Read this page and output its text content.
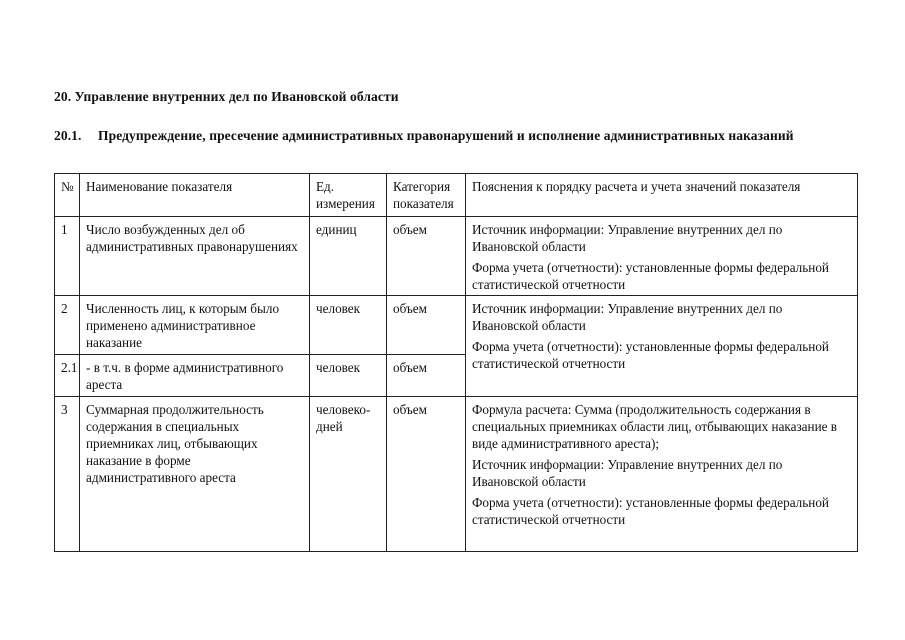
20. Управление внутренних дел по Ивановской области
20.1. Предупреждение, пресечение административных правонарушений и исполнение административных наказаний
№	Наименование показателя	Ед. измерения	Категория показателя	Пояснения к порядку расчета и учета значений показателя
1	Число возбужденных дел об административных правонарушениях	единиц	объем	Источник информации: Управление внутренних дел по Ивановской области

Форма учета (отчетности): установленные формы федеральной статистической отчетности

2	Численность лиц, к которым было применено административное наказание	человек	объем	Источник информации: Управление внутренних дел по Ивановской области

Форма учета (отчетности): установленные формы федеральной статистической отчетности

2.1	- в т.ч. в форме административного ареста	человек	объем	
3	Суммарная продолжительность содержания в специальных приемниках лиц, отбывающих наказание в форме административного ареста	человеко-дней	объем	Формула расчета: Сумма (продолжительность содержания в специальных приемниках области лиц, отбывающих наказание в виде административного ареста);

Источник информации: Управление внутренних дел по Ивановской области

Форма учета (отчетности): установленные формы федеральной статистической отчетности
